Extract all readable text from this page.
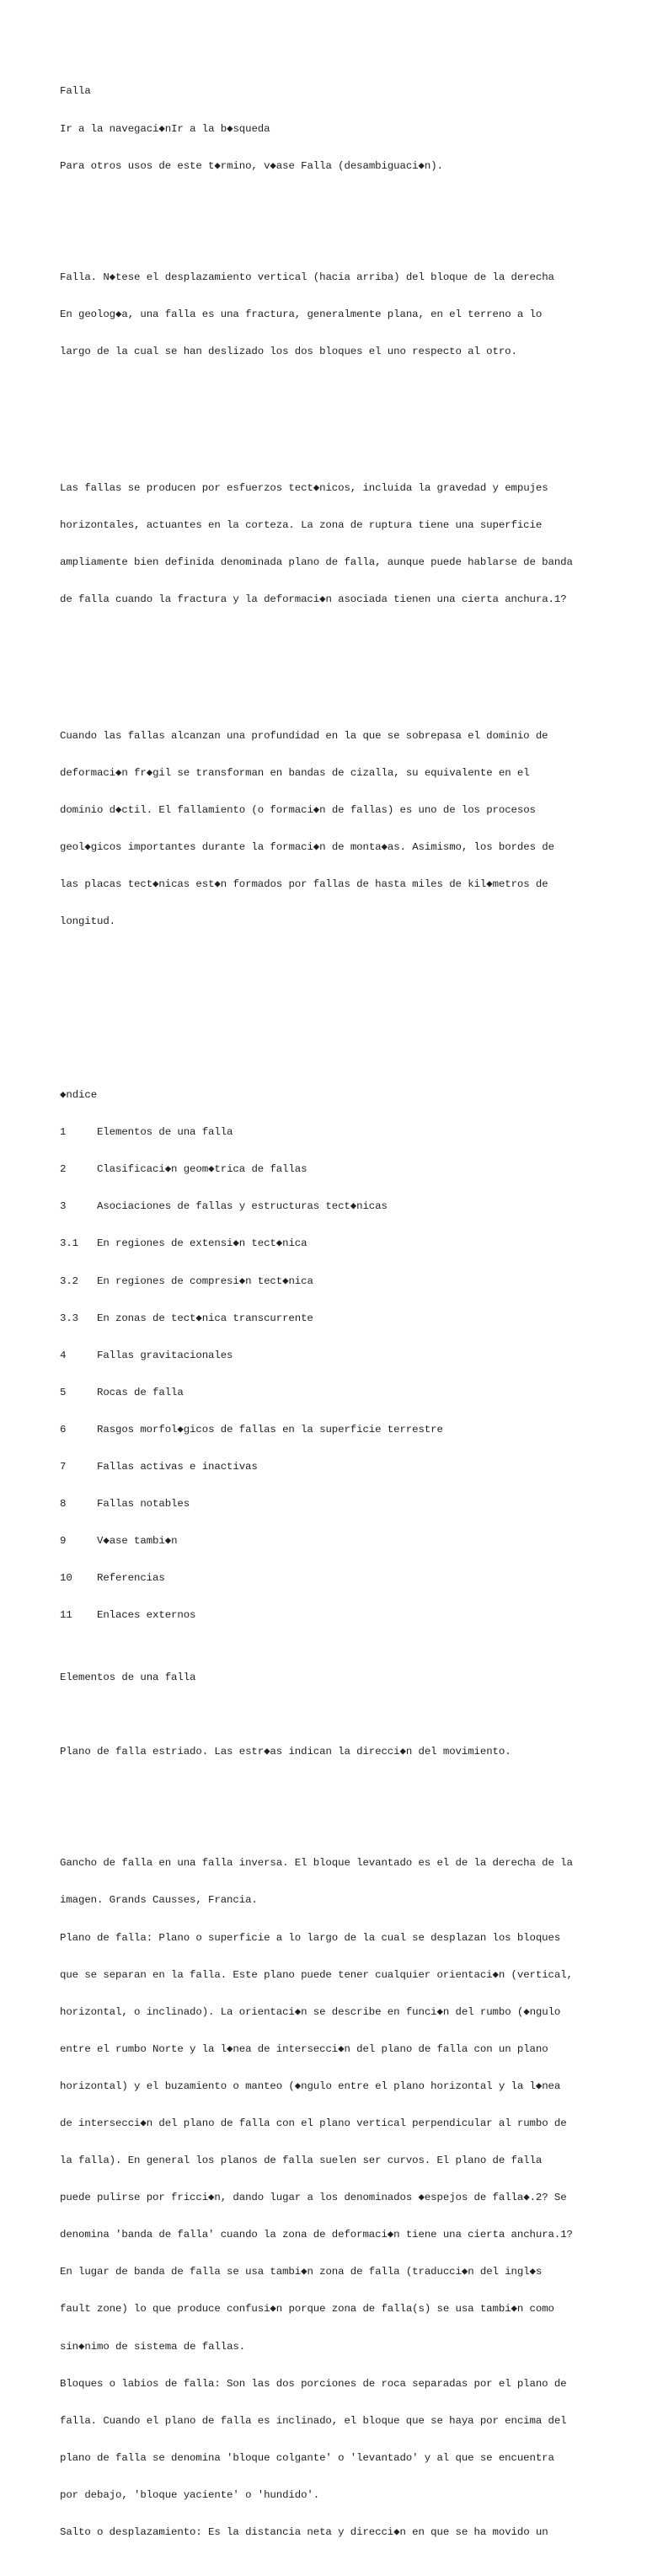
Falla

Ir a la navegaci◆nIr a la b◆squeda

Para otros usos de este t◆rmino, v◆ase Falla (desambiguaci◆n).

Falla. N◆tese el desplazamiento vertical (hacia arriba) del bloque de la derecha

En geolog◆a, una falla es una fractura, generalmente plana, en el terreno a lo

largo de la cual se han deslizado los dos bloques el uno respecto al otro.

Las fallas se producen por esfuerzos tect◆nicos, incluida la gravedad y empujes

horizontales, actuantes en la corteza. La zona de ruptura tiene una superficie

ampliamente bien definida denominada plano de falla, aunque puede hablarse de banda

de falla cuando la fractura y la deformaci◆n asociada tienen una cierta anchura.1?

Cuando las fallas alcanzan una profundidad en la que se sobrepasa el dominio de

deformaci◆n fr◆gil se transforman en bandas de cizalla, su equivalente en el

dominio d◆ctil. El fallamiento (o formaci◆n de fallas) es uno de los procesos

geol◆gicos importantes durante la formaci◆n de monta◆as. Asimismo, los bordes de

las placas tect◆nicas est◆n formados por fallas de hasta miles de kil◆metros de

longitud.

◆ndice

1	Elementos de una falla

2	Clasificaci◆n geom◆trica de fallas

3	Asociaciones de fallas y estructuras tect◆nicas

3.1 En regiones de extensi◆n tect◆nica

3.2 En regiones de compresi◆n tect◆nica

3.3 En zonas de tect◆nica transcurrente

4	Fallas gravitacionales

5	Rocas de falla

6	Rasgos morfol◆gicos de fallas en la superficie terrestre

7	Fallas activas e inactivas

8	Fallas notables

9	V◆ase tambi◆n

10 Referencias

11 Enlaces externos

Elementos de una falla

Plano de falla estriado. Las estr◆as indican la direcci◆n del movimiento.

Gancho de falla en una falla inversa. El bloque levantado es el de la derecha de la

imagen. Grands Causses, Francia.

Plano de falla: Plano o superficie a lo largo de la cual se desplazan los bloques

que se separan en la falla. Este plano puede tener cualquier orientaci◆n (vertical,

horizontal, o inclinado). La orientaci◆n se describe en funci◆n del rumbo (◆ngulo

entre el rumbo Norte y la l◆nea de intersecci◆n del plano de falla con un plano

horizontal) y el buzamiento o manteo (◆ngulo entre el plano horizontal y la l◆nea

de intersecci◆n del plano de falla con el plano vertical perpendicular al rumbo de

la falla). En general los planos de falla suelen ser curvos. El plano de falla

puede pulirse por fricci◆n, dando lugar a los denominados ◆espejos de falla◆.2? Se

denomina 'banda de falla' cuando la zona de deformaci◆n tiene una cierta anchura.1?

En lugar de banda de falla se usa tambi◆n zona de falla (traducci◆n del ingl◆s

fault zone) lo que produce confusi◆n porque zona de falla(s) se usa tambi◆n como

sin◆nimo de sistema de fallas.

Bloques o labios de falla: Son las dos porciones de roca separadas por el plano de

falla. Cuando el plano de falla es inclinado, el bloque que se haya por encima del

plano de falla se denomina 'bloque colgante' o 'levantado' y al que se encuentra

por debajo, 'bloque yaciente' o 'hundido'.

Salto o desplazamiento: Es la distancia neta y direcci◆n en que se ha movido un
